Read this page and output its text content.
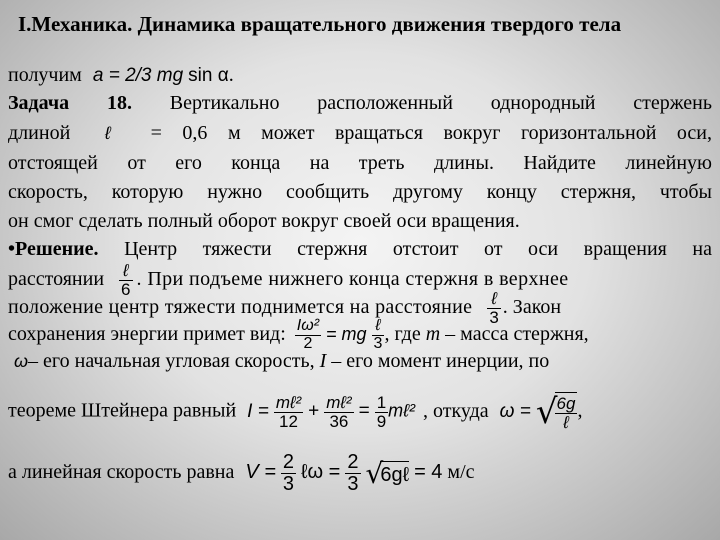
I.Механика. Динамика вращательного движения твердого тела
получим a = 2/3 mg sin α.
Задача 18. Вертикально расположенный однородный стержень
длиной ℓ = 0,6 м может вращаться вокруг горизонтальной оси,
отстоящей от его конца на треть длины. Найдите линейную
скорость, которую нужно сообщить другому концу стержня, чтобы
он смог сделать полный оборот вокруг своей оси вращения.
•Решение. Центр тяжести стержня отстоит от оси вращения на
расстоянии $\frac{\text{ℓ}}{6}$ . При подъеме нижнего конца стержня в верхнее
положение центр тяжести поднимется на расстояние $\frac{\text{ℓ}}{3}$ . Закон
сохранения энергии примет вид: $\frac{\text{Iω²}}{2}$ = mg $\frac{\text{ℓ}}{3}$ , где m – масса стержня,
ω– его начальная угловая скорость, I – его момент инерции, по
теореме Штейнера равный $I = \frac{\text{mℓ²}}{12} + \frac{\text{mℓ²}}{36} = \frac{1}{9}$ mℓ² , откуда ω = √
$\frac{6g}{\text{ℓ}}$ ,
а линейная скорость равна $V = \frac{2}{3}$ ℓω = $\frac{2}{3}$ √6gℓ = 4 м/с
